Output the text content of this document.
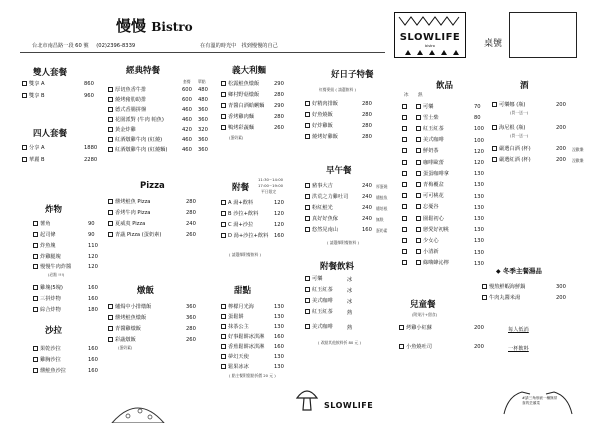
慢慢 Bistro
台北市南昌路一段 60 號 (02)2396-8339	在有溫的時光中　找到慢慢的自己
SLOWLIFE
bistro	桌號
雙人套餐
雙享 A	860
雙享 B	960
四人套餐
分享 A	1880
華麗 B	2280
炸物
薯角	90
起司條	90
炸魚塊	110
炸雞腿塊	120
慢慢牛肉炸醬	120
(必點 !!!)
雞塊(5塊)	160
三拼炸物	160
綜合炸物	180
沙拉
果乾沙拉	160
雞胸沙拉	160
燻鮭魚沙拉	160
經典特餐
套餐 單點
厚切魚香牛排	600 480
燒烤豬肋助排	600 480
德式香腸拼盤	460 360
花園派對 (牛肉 帕魚)	460 360
黃金炸雞	420 320
紅酒燉雞牛肉 (紅燒)	460 360
紅酒燉雞牛肉 (紅燒麵)	460 360
Pizza
燻烤鮭魚 Pizza	280
香烤牛肉 Pizza	280
夏威夷 Pizza	240
青蔬 Pizza (蛋奶素)	260
燉飯
爐焗中小排燉飯	360
燻烤鮭魚燉飯	360
青醬雞燉飯	280
彩蔬燉飯	260
(蛋奶素)
義大利麵
松露鮭魚燉飯	290
鄉村野菇燉飯	280
青醬白酒蛤蜊麵 290
香烤雞肉麵	280
鴨烤彩蔬麵	260
(蛋奶素)
附餐
11:30~14:00
17:00~19:00
平日限定
A 湯+飲料	120
B 沙拉+飲料	120
C 湯+沙拉	120
D 湯+沙拉+飲料 160
( 請選擇附餐飲料 )
甜點
檸檬月光海	130
蛋鬆餅	130
抹茶公主	130
好事鬆餅冰淇淋 160
香蕉鬆餅冰淇淋 160
夢幻天使	130
鬆果冰冰	130
( 點主餐附甜點折價 20 元 )
好日子特餐
紅餐麥級 ( 請選飲料 )
好精肉排飯	280
好魚燒飯	280
好炸雞飯	280
燒烤好雞飯	280
早午餐
豬事大吉	240 厚蛋燒
洪荒之力雞吐司	240 燻鮭魚
粉紅鮭光	240 燻培根
真好好魚傢	240 無麩
悠然晃南山	160 蛋奶素
( 請選擇附餐飲料 )
附餐飲料
可樂	冰
紅玉紅茶	冰
美式咖啡	冰
紅玉紅茶	熱
美式咖啡	熱
( 改點其他飲料折 80 元 )
飲品
冰 熱
可樂	70
雪士柴	80
紅玉紅茶	100
美式咖啡	100
鮮奶茶	120
咖啡歐蕾	120
蛋蛋咖啡拿	130
青梅覆盆	130
可可桃花	130
忘憂谷	130
園鬆初心	130
戀愛好初桃	130
少女心	130
小清新	130
綠嗨蜂沁檸	130
酒
可樂娜 (瓶)	200
(買一送一)
海尼根 (瓶)	200
(買一送一)
嚴選白酒 (杯)	200 沒歡樂
嚴選紅酒 (杯)	200 沒歡樂
◆ 冬季主餐湯品
慢熬鮮蝦海鮮鍋	300
牛肉丸醬米湯	200
每人低消
一杯飲料
兒童餐
(附果汁+甜食)
烤雞小紅蘇	200
小魚燒吐司	200
SLOWLIFE
#請三角形嵌一種無常食的芸頭菜
